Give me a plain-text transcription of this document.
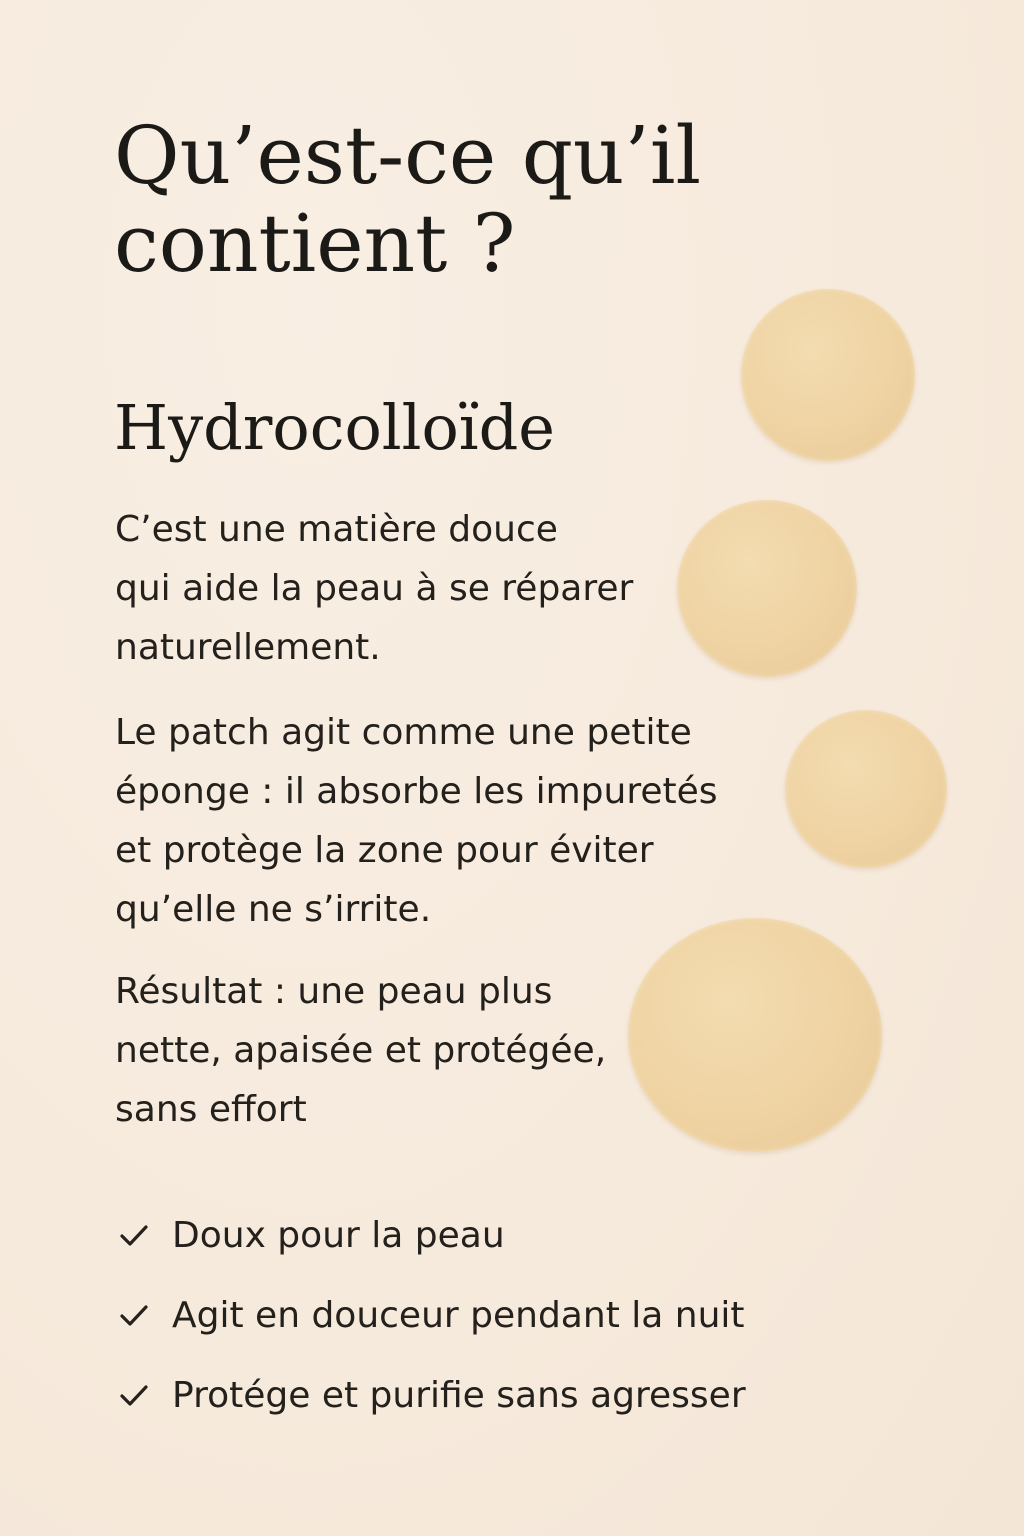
Qu’est-ce qu’il contient ?
Hydrocolloïde

C’est une matière douce
qui aide la peau à se réparer
naturellement.

Le patch agit comme une petite
éponge : il absorbe les impuretés
et protège la zone pour éviter
qu’elle ne s’irrite.

Résultat : une peau plus
nette, apaisée et protégée,
sans effort

Doux pour la peau
Agit en douceur pendant la nuit
Protége et purifie sans agresser
